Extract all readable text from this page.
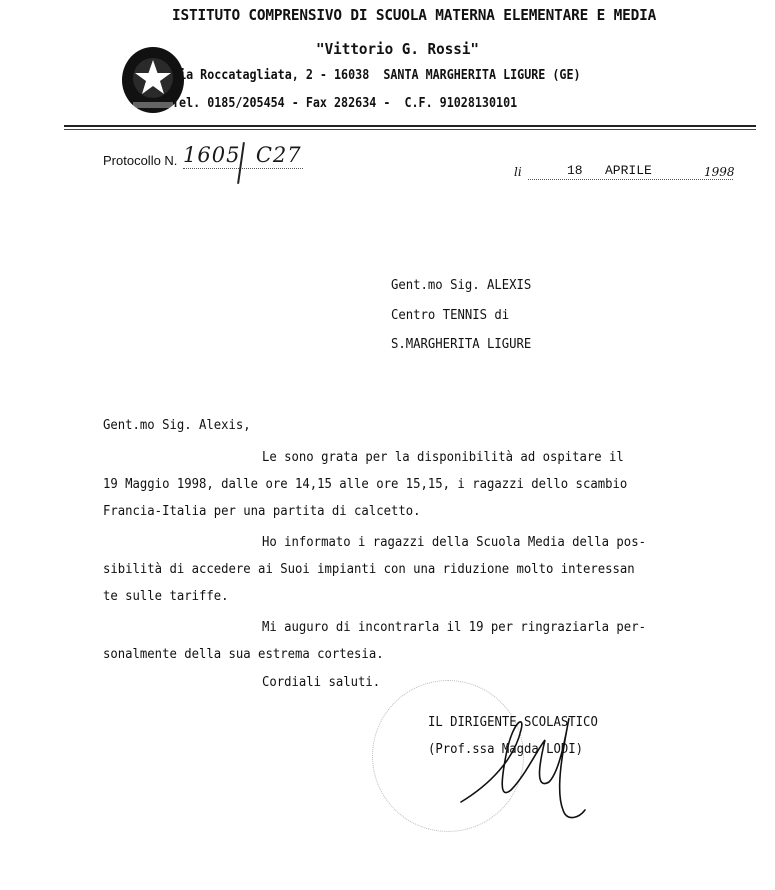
ISTITUTO COMPRENSIVO DI SCUOLA MATERNA ELEMENTARE E MEDIA
"Vittorio G. Rossi"
Via Roccatagliata, 2 - 16038  SANTA MARGHERITA LIGURE (GE)
Tel. 0185/205454 - Fax 282634 -  C.F. 91028130101
Protocollo N. 1605 C27
li	18 APRILE	1998
Gent.mo Sig. ALEXIS
Centro TENNIS di
S.MARGHERITA LIGURE
Gent.mo Sig. Alexis,
Le sono grata per la disponibilità ad ospitare il
19 Maggio 1998, dalle ore 14,15 alle ore 15,15, i ragazzi dello scambio
Francia-Italia per una partita di calcetto.
Ho informato i ragazzi della Scuola Media della pos-
sibilità di accedere ai Suoi impianti con una riduzione molto interessan
te sulle tariffe.
Mi auguro di incontrarla il 19 per ringraziarla per-
sonalmente della sua estrema cortesia.
Cordiali saluti.
IL DIRIGENTE SCOLASTICO
(Prof.ssa Magda LODI)
